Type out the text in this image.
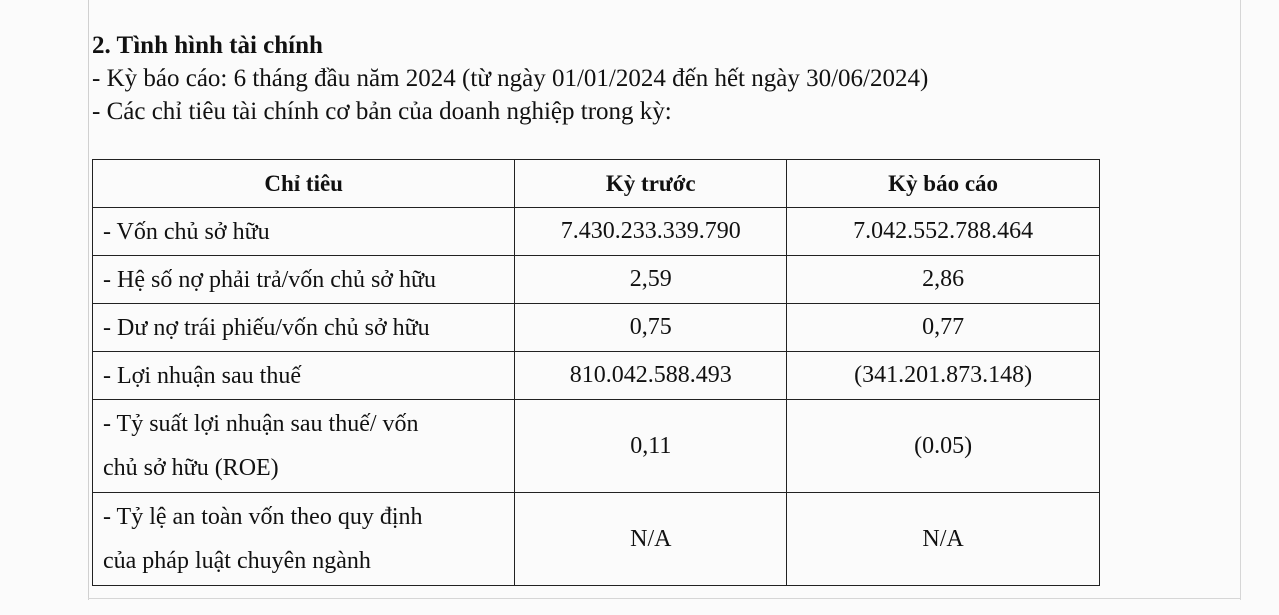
2. Tình hình tài chính

- Kỳ báo cáo: 6 tháng đầu năm 2024 (từ ngày 01/01/2024 đến hết ngày 30/06/2024)

- Các chỉ tiêu tài chính cơ bản của doanh nghiệp trong kỳ:

Chỉ tiêu	Kỳ trước	Kỳ báo cáo
- Vốn chủ sở hữu	7.430.233.339.790	7.042.552.788.464
- Hệ số nợ phải trả/vốn chủ sở hữu	2,59	2,86
- Dư nợ trái phiếu/vốn chủ sở hữu	0,75	0,77
- Lợi nhuận sau thuế	810.042.588.493	(341.201.873.148)
- Tỷ suất lợi nhuận sau thuế/ vốn
chủ sở hữu (ROE)	0,11	(0.05)
- Tỷ lệ an toàn vốn theo quy định
của pháp luật chuyên ngành	N/A	N/A
